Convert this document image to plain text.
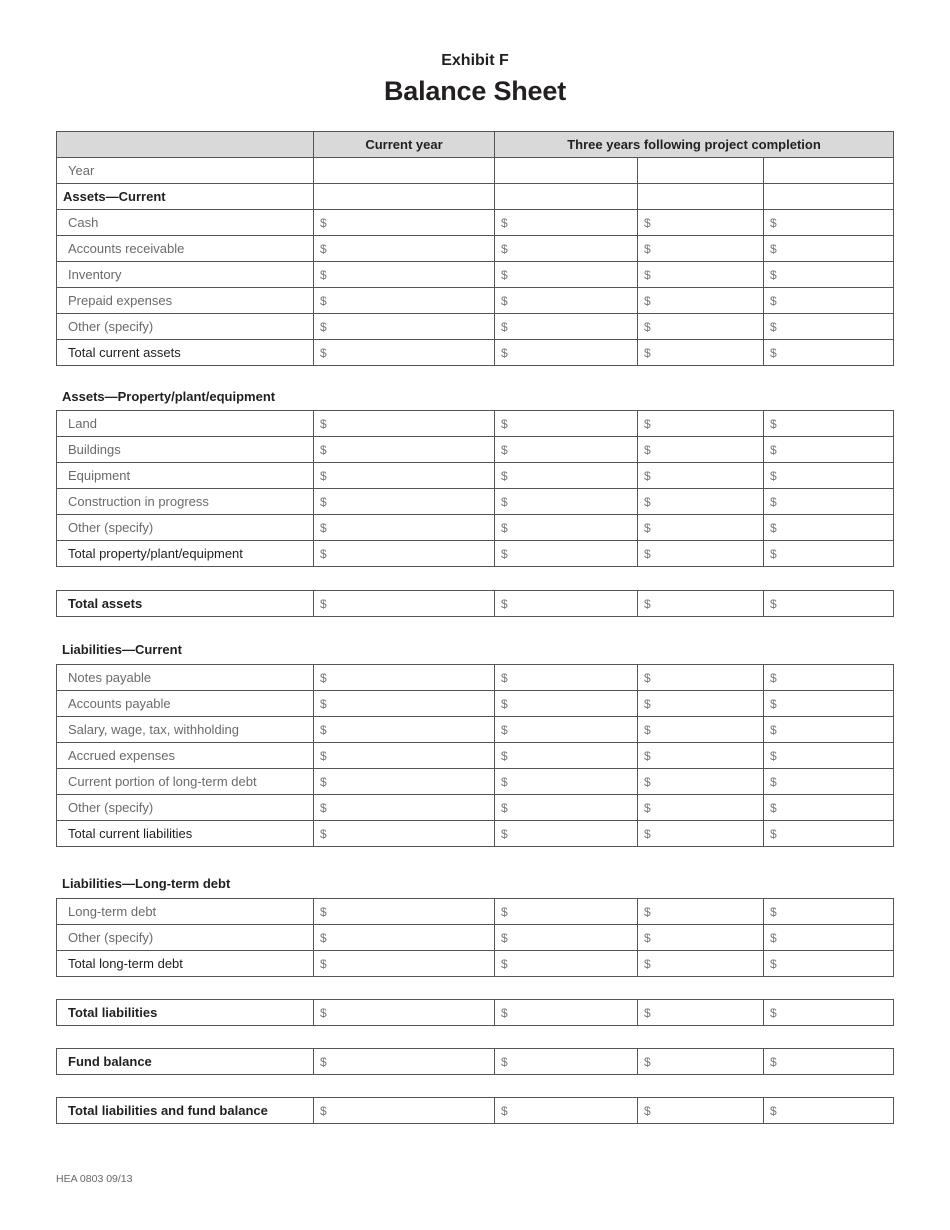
Exhibit F
Balance Sheet
	Current year	Three years following project completion		
Year				
Assets—Current				
Cash	$	$	$	$
Accounts receivable	$	$	$	$
Inventory	$	$	$	$
Prepaid expenses	$	$	$	$
Other (specify)	$	$	$	$
Total current assets	$	$	$	$
Assets—Property/plant/equipment
Land	$	$	$	$
Buildings	$	$	$	$
Equipment	$	$	$	$
Construction in progress	$	$	$	$
Other (specify)	$	$	$	$
Total property/plant/equipment	$	$	$	$
Total assets	$	$	$	$
Liabilities—Current
Notes payable	$	$	$	$
Accounts payable	$	$	$	$
Salary, wage, tax, withholding	$	$	$	$
Accrued expenses	$	$	$	$
Current portion of long-term debt	$	$	$	$
Other (specify)	$	$	$	$
Total current liabilities	$	$	$	$
Liabilities—Long-term debt
Long-term debt	$	$	$	$
Other (specify)	$	$	$	$
Total long-term debt	$	$	$	$
Total liabilities	$	$	$	$
Fund balance	$	$	$	$
Total liabilities and fund balance	$	$	$	$
HEA 0803 09/13
